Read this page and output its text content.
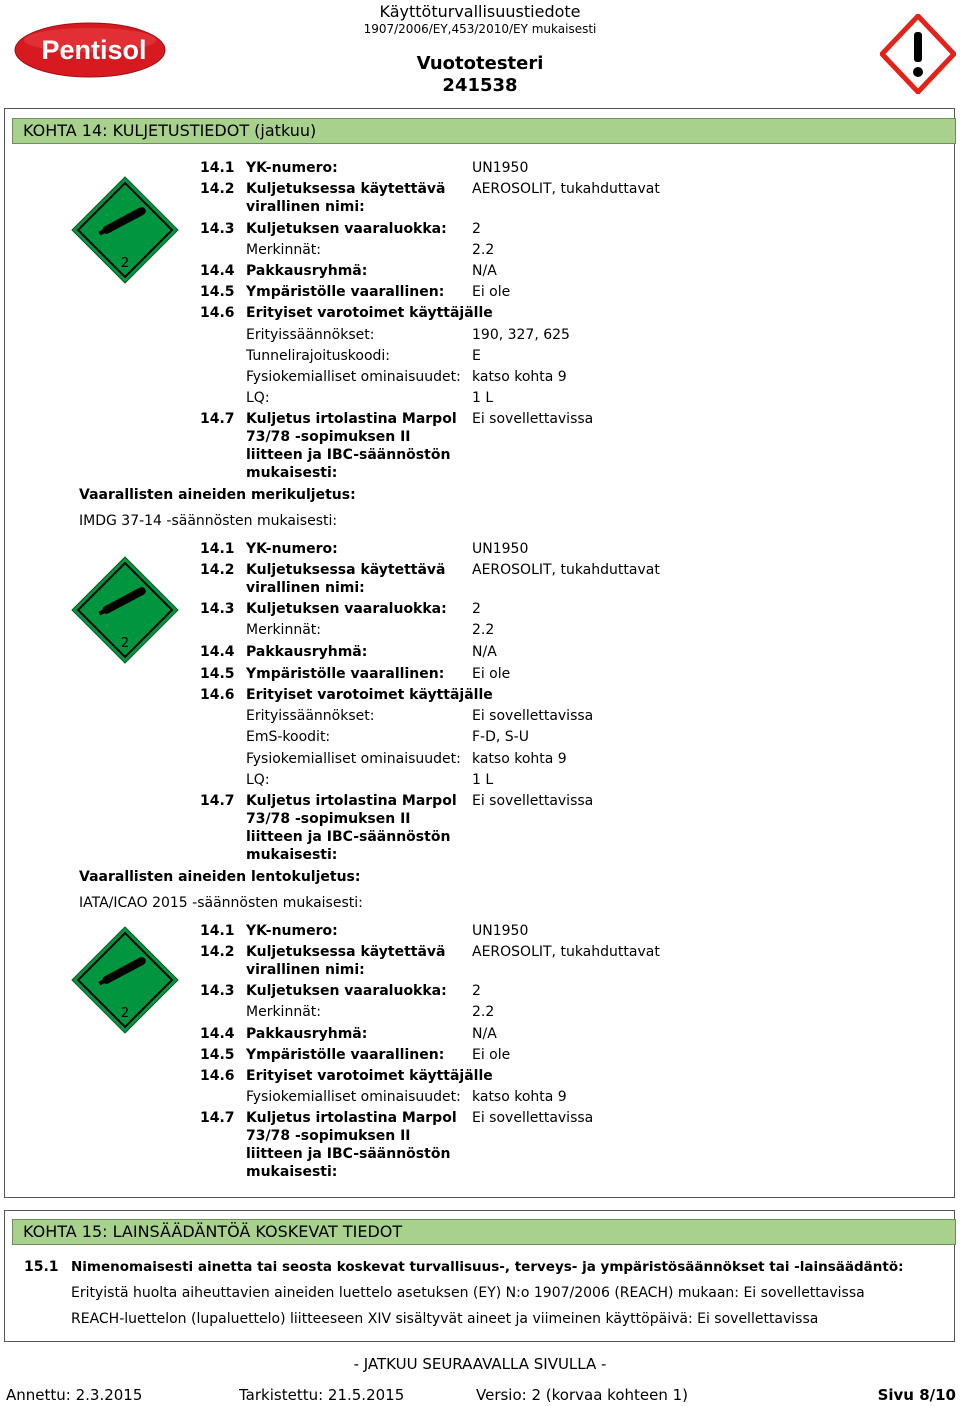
Pentisol
Käyttöturvallisuustiedote
1907/2006/EY,453/2010/EY mukaisesti
Vuototesteri
241538
KOHTA 14: KULJETUSTIEDOT (jatkuu)
2
2
2
14.1 YK-numero:	UN1950
14.2 Kuljetuksessa käytettävä virallinen nimi:
AEROSOLIT, tukahduttavat
14.3 Kuljetuksen vaaraluokka: 2
Merkinnät:	2.2
14.4 Pakkausryhmä:	N/A
14.5 Ympäristölle vaarallinen: Ei ole
14.6 Erityiset varotoimet käyttäjälle
Erityissäännökset:	190, 327, 625
Tunnelirajoituskoodi:	E
Fysiokemialliset ominaisuudet: katso kohta 9
LQ:	1 L
14.7 Kuljetus irtolastina Marpol 73/78 -sopimuksen II liitteen ja IBC-säännöstön mukaisesti:
Ei sovellettavissa
Vaarallisten aineiden merikuljetus:
IMDG 37-14 -säännösten mukaisesti:
14.1 YK-numero:	UN1950
14.2 Kuljetuksessa käytettävä virallinen nimi:
AEROSOLIT, tukahduttavat
14.3 Kuljetuksen vaaraluokka: 2
Merkinnät:	2.2
14.4 Pakkausryhmä:	N/A
14.5 Ympäristölle vaarallinen: Ei ole
14.6 Erityiset varotoimet käyttäjälle
Erityissäännökset:	Ei sovellettavissa
EmS-koodit:	F-D, S-U
Fysiokemialliset ominaisuudet: katso kohta 9
LQ:	1 L
14.7 Kuljetus irtolastina Marpol 73/78 -sopimuksen II liitteen ja IBC-säännöstön mukaisesti:
Ei sovellettavissa
Vaarallisten aineiden lentokuljetus:
IATA/ICAO 2015 -säännösten mukaisesti:
14.1 YK-numero:	UN1950
14.2 Kuljetuksessa käytettävä virallinen nimi:
AEROSOLIT, tukahduttavat
14.3 Kuljetuksen vaaraluokka: 2
Merkinnät:	2.2
14.4 Pakkausryhmä:	N/A
14.5 Ympäristölle vaarallinen: Ei ole
14.6 Erityiset varotoimet käyttäjälle
Fysiokemialliset ominaisuudet: katso kohta 9
14.7 Kuljetus irtolastina Marpol 73/78 -sopimuksen II liitteen ja IBC-säännöstön mukaisesti:
Ei sovellettavissa
KOHTA 15: LAINSÄÄDÄNTÖÄ KOSKEVAT TIEDOT
15.1 Nimenomaisesti ainetta tai seosta koskevat turvallisuus-, terveys- ja ympäristösäännökset tai -lainsäädäntö:
Erityistä huolta aiheuttavien aineiden luettelo asetuksen (EY) N:o 1907/2006 (REACH) mukaan: Ei sovellettavissa
REACH-luettelon (lupaluettelo) liitteeseen XIV sisältyvät aineet ja viimeinen käyttöpäivä: Ei sovellettavissa
- JATKUU SEURAAVALLA SIVULLA -
Annettu: 2.3.2015	Tarkistettu: 21.5.2015	Versio: 2 (korvaa kohteen 1)	Sivu 8/10
